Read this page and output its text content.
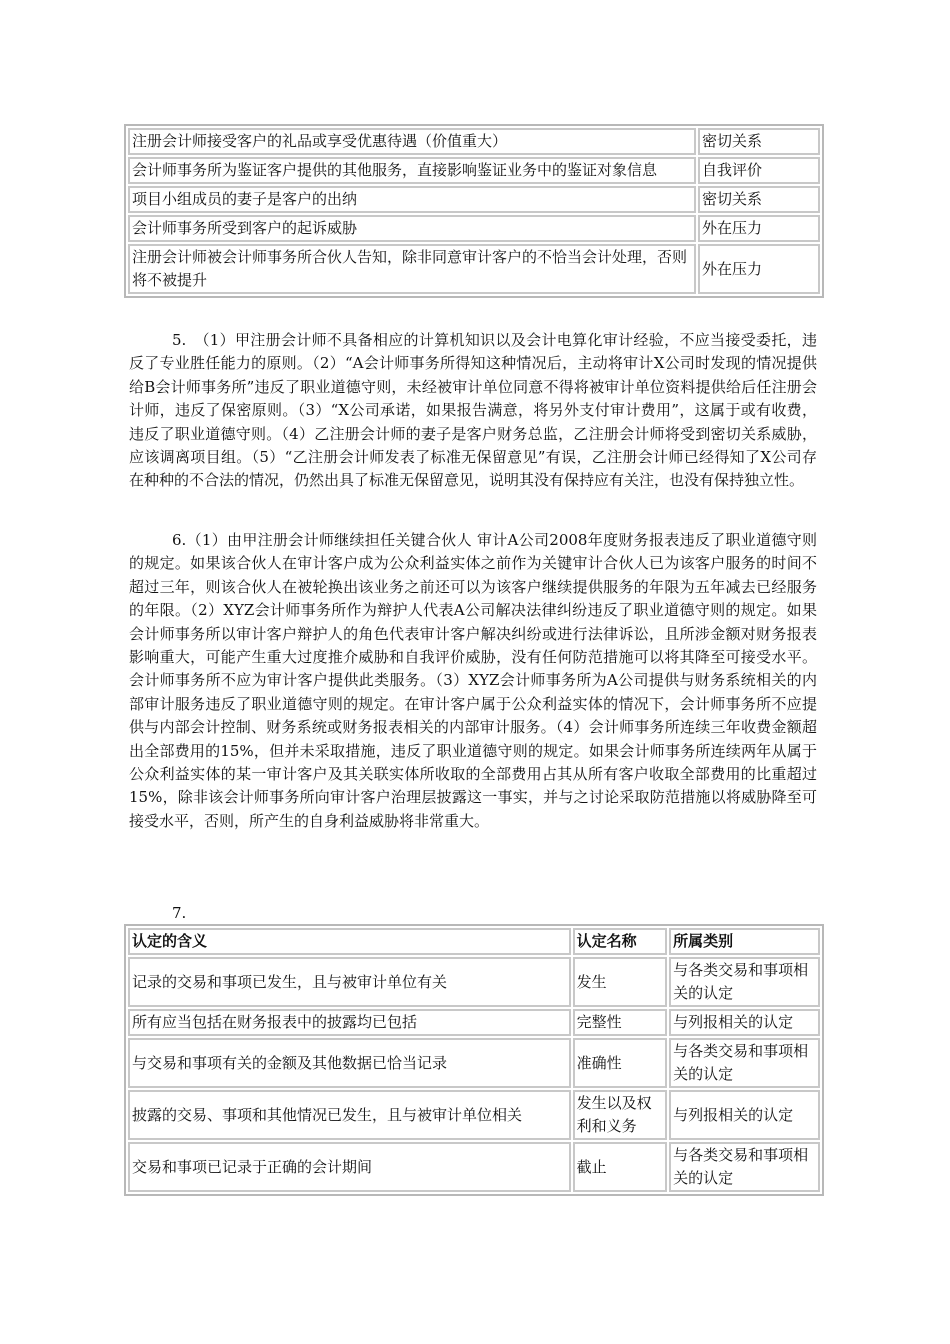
注册会计师接受客户的礼品或享受优惠待遇（价值重大）	密切关系
会计师事务所为鉴证客户提供的其他服务，直接影响鉴证业务中的鉴证对象信息	自我评价
项目小组成员的妻子是客户的出纳	密切关系
会计师事务所受到客户的起诉威胁	外在压力
注册会计师被会计师事务所合伙人告知，除非同意审计客户的不恰当会计处理，否则将不被提升	外在压力
5.　（1）甲注册会计师不具备相应的计算机知识以及会计电算化审计经验，不应当接受委托，违反了专业胜任能力的原则。（2）“A会计师事务所得知这种情况后，主动将审计X公司时发现的情况提供给B会计师事务所”违反了职业道德守则，未经被审计单位同意不得将被审计单位资料提供给后任注册会计师，违反了保密原则。（3）“X公司承诺，如果报告满意，将另外支付审计费用”，这属于或有收费，违反了职业道德守则。（4）乙注册会计师的妻子是客户财务总监，乙注册会计师将受到密切关系威胁，应该调离项目组。（5）“乙注册会计师发表了标准无保留意见”有误，乙注册会计师已经得知了X公司存在种种的不合法的情况，仍然出具了标准无保留意见，说明其没有保持应有关注，也没有保持独立性。
6.（1）由甲注册会计师继续担任关键合伙人 审计A公司2008年度财务报表违反了职业道德守则的规定。如果该合伙人在审计客户成为公众利益实体之前作为关键审计合伙人已为该客户服务的时间不超过三年，则该合伙人在被轮换出该业务之前还可以为该客户继续提供服务的年限为五年减去已经服务的年限。（2）XYZ会计师事务所作为辩护人代表A公司解决法律纠纷违反了职业道德守则的规定。如果会计师事务所以审计客户辩护人的角色代表审计客户解决纠纷或进行法律诉讼，且所涉金额对财务报表影响重大，可能产生重大过度推介威胁和自我评价威胁，没有任何防范措施可以将其降至可接受水平。会计师事务所不应为审计客户提供此类服务。（3）XYZ会计师事务所为A公司提供与财务系统相关的内部审计服务违反了职业道德守则的规定。在审计客户属于公众利益实体的情况下，会计师事务所不应提供与内部会计控制、财务系统或财务报表相关的内部审计服务。（4）会计师事务所连续三年收费金额超出全部费用的15%，但并未采取措施，违反了职业道德守则的规定。如果会计师事务所连续两年从属于公众利益实体的某一审计客户及其关联实体所收取的全部费用占其从所有客户收取全部费用的比重超过15%，除非该会计师事务所向审计客户治理层披露这一事实，并与之讨论采取防范措施以将威胁降至可接受水平，否则，所产生的自身利益威胁将非常重大。
7.
认定的含义	认定名称	所属类别
记录的交易和事项已发生，且与被审计单位有关	发生	与各类交易和事项相关的认定
所有应当包括在财务报表中的披露均已包括	完整性	与列报相关的认定
与交易和事项有关的金额及其他数据已恰当记录	准确性	与各类交易和事项相关的认定
披露的交易、事项和其他情况已发生，且与被审计单位相关	发生以及权利和义务	与列报相关的认定
交易和事项已记录于正确的会计期间	截止	与各类交易和事项相关的认定
